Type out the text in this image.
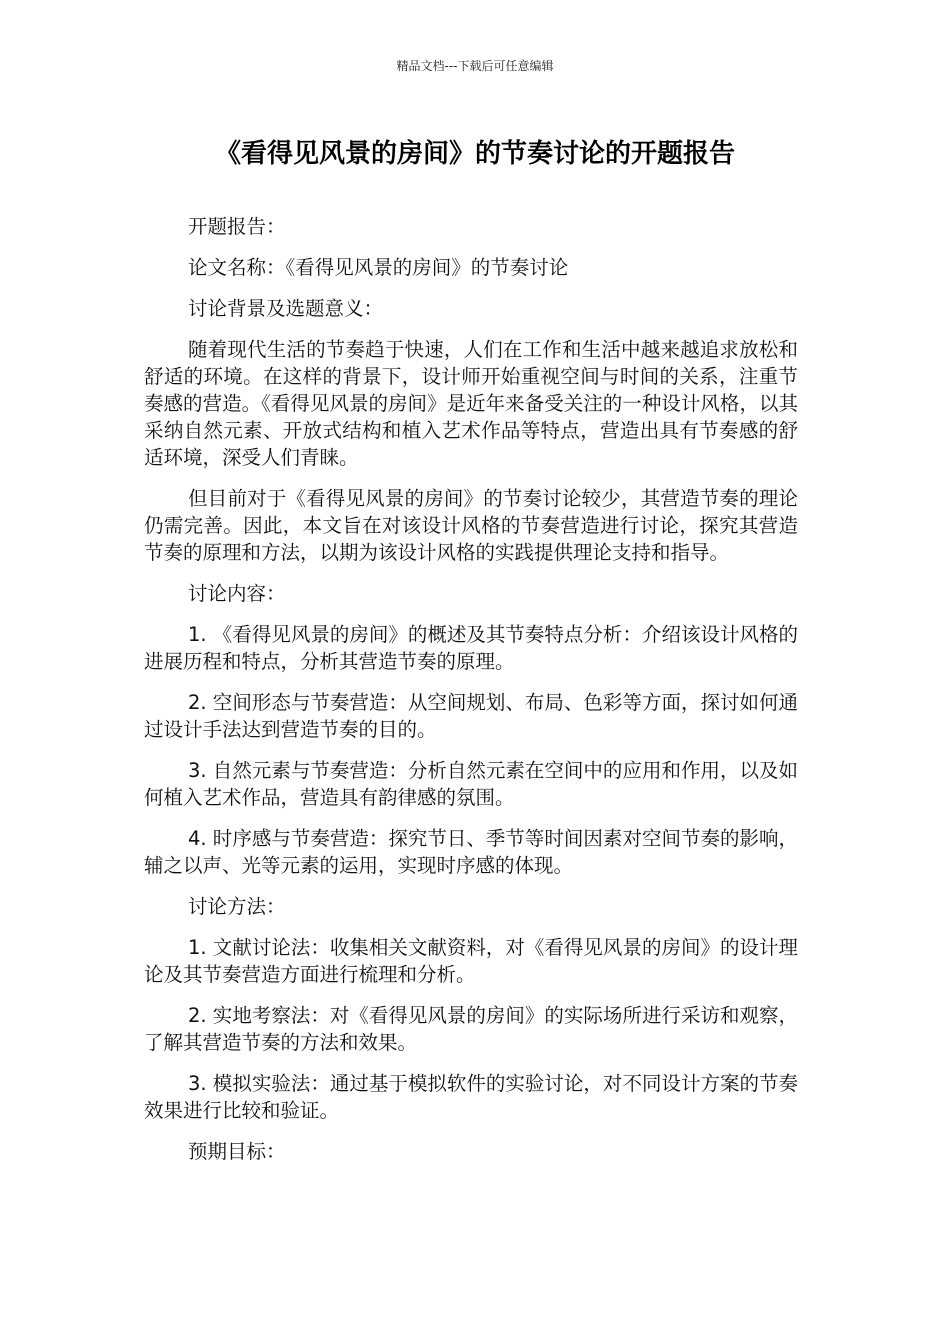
精品文档---下载后可任意编辑
《看得见风景的房间》的节奏讨论的开题报告

开题报告：

论文名称：《看得见风景的房间》的节奏讨论

讨论背景及选题意义：

随着现代生活的节奏趋于快速，人们在工作和生活中越来越追求放松和舒适的环境。在这样的背景下，设计师开始重视空间与时间的关系，注重节奏感的营造。《看得见风景的房间》是近年来备受关注的一种设计风格，以其采纳自然元素、开放式结构和植入艺术作品等特点，营造出具有节奏感的舒适环境，深受人们青睐。

但目前对于《看得见风景的房间》的节奏讨论较少，其营造节奏的理论仍需完善。因此，本文旨在对该设计风格的节奏营造进行讨论，探究其营造节奏的原理和方法，以期为该设计风格的实践提供理论支持和指导。

讨论内容：

1. 《看得见风景的房间》的概述及其节奏特点分析：介绍该设计风格的进展历程和特点，分析其营造节奏的原理。

2. 空间形态与节奏营造：从空间规划、布局、色彩等方面，探讨如何通过设计手法达到营造节奏的目的。

3. 自然元素与节奏营造：分析自然元素在空间中的应用和作用，以及如何植入艺术作品，营造具有韵律感的氛围。

4. 时序感与节奏营造：探究节日、季节等时间因素对空间节奏的影响，辅之以声、光等元素的运用，实现时序感的体现。

讨论方法：

1. 文献讨论法：收集相关文献资料，对《看得见风景的房间》的设计理论及其节奏营造方面进行梳理和分析。

2. 实地考察法：对《看得见风景的房间》的实际场所进行采访和观察，了解其营造节奏的方法和效果。

3. 模拟实验法：通过基于模拟软件的实验讨论，对不同设计方案的节奏效果进行比较和验证。

预期目标：
